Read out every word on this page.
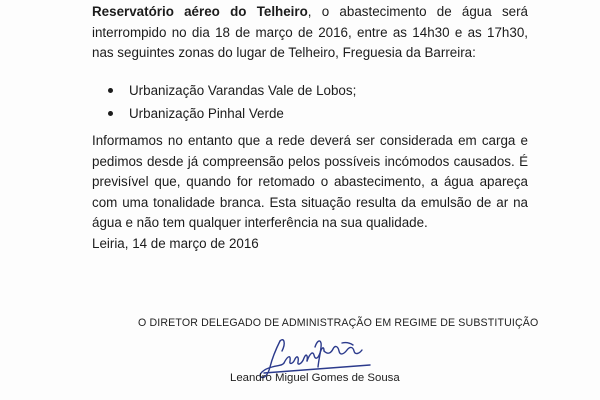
Reservatório aéreo do Telheiro, o abastecimento de água será interrompido no dia 18 de março de 2016, entre as 14h30 e as 17h30, nas seguintes zonas do lugar de Telheiro, Freguesia da Barreira:

Urbanização Varandas Vale de Lobos;
Urbanização Pinhal Verde

Informamos no entanto que a rede deverá ser considerada em carga e pedimos desde já compreensão pelos possíveis incómodos causados. É previsível que, quando for retomado o abastecimento, a água apareça com uma tonalidade branca. Esta situação resulta da emulsão de ar na água e não tem qualquer interferência na sua qualidade.

Leiria, 14 de março de 2016
O DIRETOR DELEGADO DE ADMINISTRAÇÃO EM REGIME DE SUBSTITUIÇÃO
Leandro Miguel Gomes de Sousa
